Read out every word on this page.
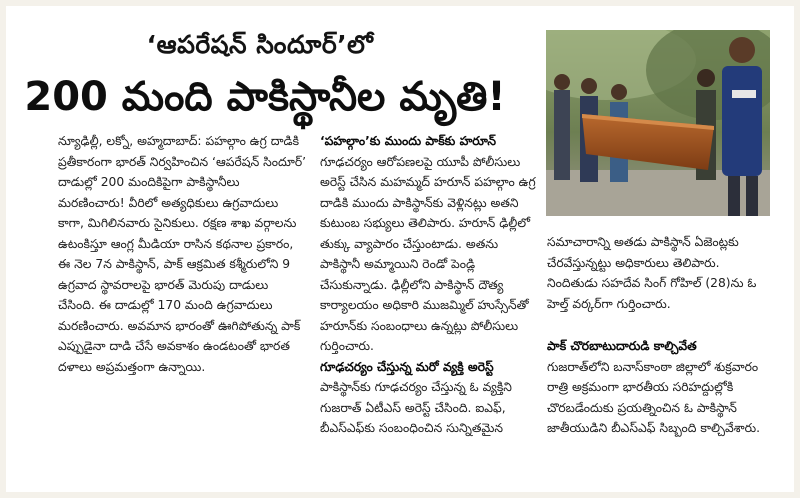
‘ఆపరేషన్ సిందూర్’లో
200 మంది పాకిస్థానీల మృతి!
న్యూఢిల్లీ, లక్నో, అహ్మదాబాద్: పహల్గాం ఉగ్ర దాడికి ప్రతీకారంగా భారత్ నిర్వహించిన ‘ఆపరేషన్ సిందూర్’ దాడుల్లో 200 మందికిపైగా పాకిస్థానీలు మరణించారు! వీరిలో అత్యధికులు ఉగ్రవాదులు కాగా, మిగిలినవారు సైనికులు. రక్షణ శాఖ వర్గాలను ఉటంకిస్తూ ఆంగ్ల మీడియా రాసిన కథనాల ప్రకారం, ఈ నెల 7న పాకిస్థాన్, పాక్ ఆక్రమిత కశ్మీరులోని 9 ఉగ్రవాద స్థావరాలపై భారత్ మెరుపు దాడులు చేసింది. ఈ దాడుల్లో 170 మంది ఉగ్రవాదులు మరణించారు. అవమాన భారంతో ఊగిపోతున్న పాక్ ఎప్పుడైనా దాడి చేసే అవకాశం ఉండటంతో భారత దళాలు అప్రమత్తంగా ఉన్నాయి.
‘పహల్గాం’కు ముందు పాక్‌కు హరూన్
గూఢచర్యం ఆరోపణలపై యూపీ పోలీసులు అరెస్ట్ చేసిన మహమ్మద్ హరూన్ పహల్గాం ఉగ్ర దాడికి ముందు పాకిస్థాన్‌కు వెళ్లినట్లు అతని కుటుంబ సభ్యులు తెలిపారు. హరూన్ ఢిల్లీలో తుక్కు వ్యాపారం చేస్తుంటాడు. అతను పాకిస్థానీ అమ్మాయిని రెండో పెండ్లి చేసుకున్నాడు. ఢిల్లీలోని పాకిస్థాన్ దౌత్య కార్యాలయం అధికారి ముజమ్మిల్ హుస్సేన్‌తో హరూన్‌కు సంబంధాలు ఉన్నట్లు పోలీసులు గుర్తించారు.
గూఢచర్యం చేస్తున్న మరో వ్యక్తి అరెస్ట్
పాకిస్థాన్‌కు గూఢచర్యం చేస్తున్న ఓ వ్యక్తిని గుజరాత్ ఏటీఎస్ అరెస్ట్ చేసింది. ఐఎఫ్, బీఎస్ఎఫ్‌కు సంబంధించిన సున్నితమైన
సమాచారాన్ని అతడు పాకిస్థాన్ ఏజెంట్లకు చేరవేస్తున్నట్టు అధికారులు తెలిపారు. నిందితుడు సహదేవ సింగ్ గోహిల్ (28)ను ఓ హెల్త్ వర్కర్‌గా గుర్తించారు.
పాక్ చొరబాటుదారుడి కాల్చివేత
గుజరాత్‌లోని బనాస్‌కాంఠా జిల్లాలో శుక్రవారం రాత్రి అక్రమంగా భారతీయ సరిహద్దుల్లోకి చొరబడేందుకు ప్రయత్నించిన ఓ పాకిస్థాన్ జాతీయుడిని బీఎస్ఎఫ్ సిబ్బంది కాల్చివేశారు.
